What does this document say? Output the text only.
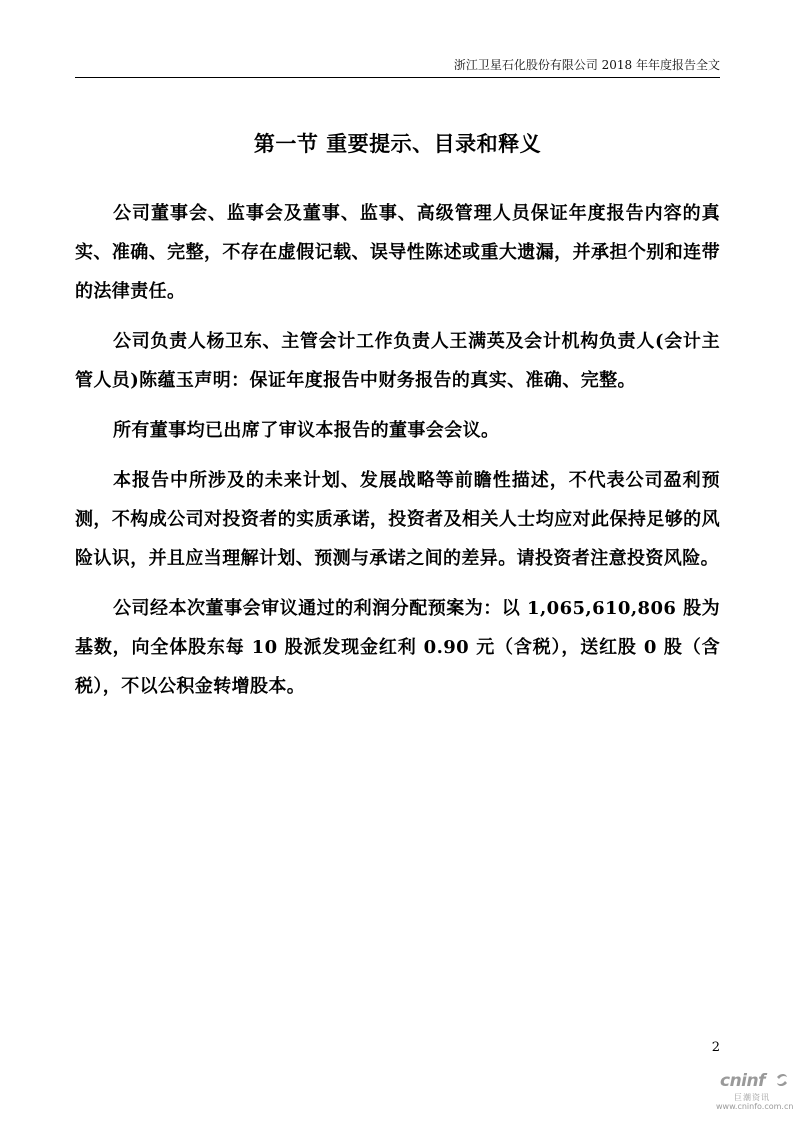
浙江卫星石化股份有限公司 2018 年年度报告全文
第一节 重要提示、目录和释义

公司董事会、监事会及董事、监事、高级管理人员保证年度报告内容的真实、准确、完整，不存在虚假记载、误导性陈述或重大遗漏，并承担个别和连带的法律责任。

公司负责人杨卫东、主管会计工作负责人王满英及会计机构负责人(会计主管人员)陈蕴玉声明：保证年度报告中财务报告的真实、准确、完整。

所有董事均已出席了审议本报告的董事会会议。

本报告中所涉及的未来计划、发展战略等前瞻性描述，不代表公司盈利预测，不构成公司对投资者的实质承诺，投资者及相关人士均应对此保持足够的风险认识，并且应当理解计划、预测与承诺之间的差异。请投资者注意投资风险。

公司经本次董事会审议通过的利润分配预案为：以 1,065,610,806 股为基数，向全体股东每 10 股派发现金红利 0.90 元（含税），送红股 0 股（含税），不以公积金转增股本。

2
cninf
巨潮资讯
www.cninfo.com.cn
